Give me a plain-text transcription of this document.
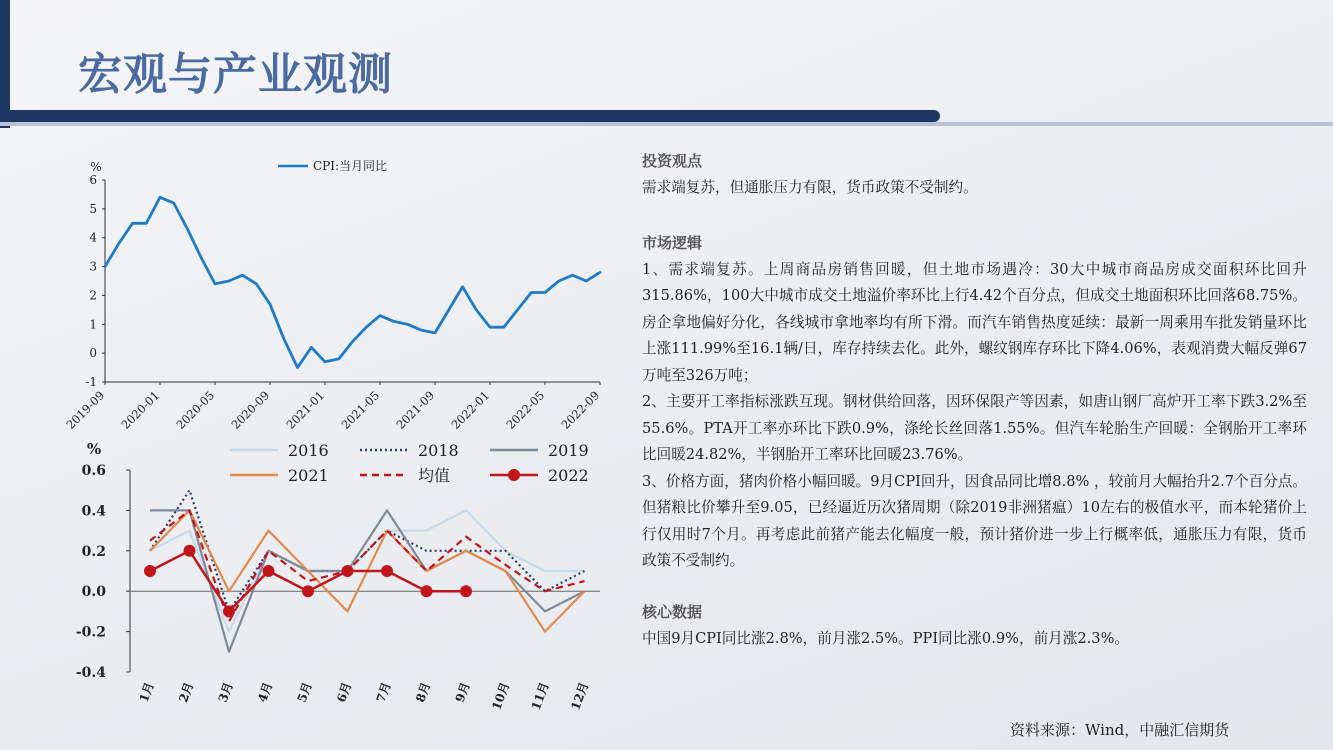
宏观与产业观测
%
-1
0
1
2
3
4
5
6
2019-09 2020-01 2020-05 2020-09 2021-01 2021-05 2021-09 2022-01 2022-05 2022-09
CPI:当月同比
%
-0.4
-0.2
0.0
0.2
0.4
0.6
1月 2月 3月 4月 5月 6月 7月 8月 9月 10月 11月 12月
2016	2018	2019
2021	均值	2022

投资观点

需求端复苏，但通胀压力有限，货币政策不受制约。

市场逻辑

1、需求端复苏。上周商品房销售回暖，但土地市场遇冷：30大中城市商品房成交面积环比回升315.86%，100大中城市成交土地溢价率环比上行4.42个百分点，但成交土地面积环比回落68.75%。房企拿地偏好分化，各线城市拿地率均有所下滑。而汽车销售热度延续：最新一周乘用车批发销量环比上涨111.99%至16.1辆/日，库存持续去化。此外，螺纹钢库存环比下降4.06%，表观消费大幅反弹67万吨至326万吨；

2、主要开工率指标涨跌互现。钢材供给回落，因环保限产等因素，如唐山钢厂高炉开工率下跌3.2%至55.6%。PTA开工率亦环比下跌0.9%，涤纶长丝回落1.55%。但汽车轮胎生产回暖：全钢胎开工率环比回暖24.82%，半钢胎开工率环比回暖23.76%。

3、价格方面，猪肉价格小幅回暖。9月CPI回升，因食品同比增8.8% ，较前月大幅抬升2.7个百分点。但猪粮比价攀升至9.05，已经逼近历次猪周期（除2019非洲猪瘟）10左右的极值水平，而本轮猪价上行仅用时7个月。再考虑此前猪产能去化幅度一般，预计猪价进一步上行概率低，通胀压力有限，货币政策不受制约。

核心数据

中国9月CPI同比涨2.8%，前月涨2.5%。PPI同比涨0.9%，前月涨2.3%。

资料来源：Wind，中融汇信期货
